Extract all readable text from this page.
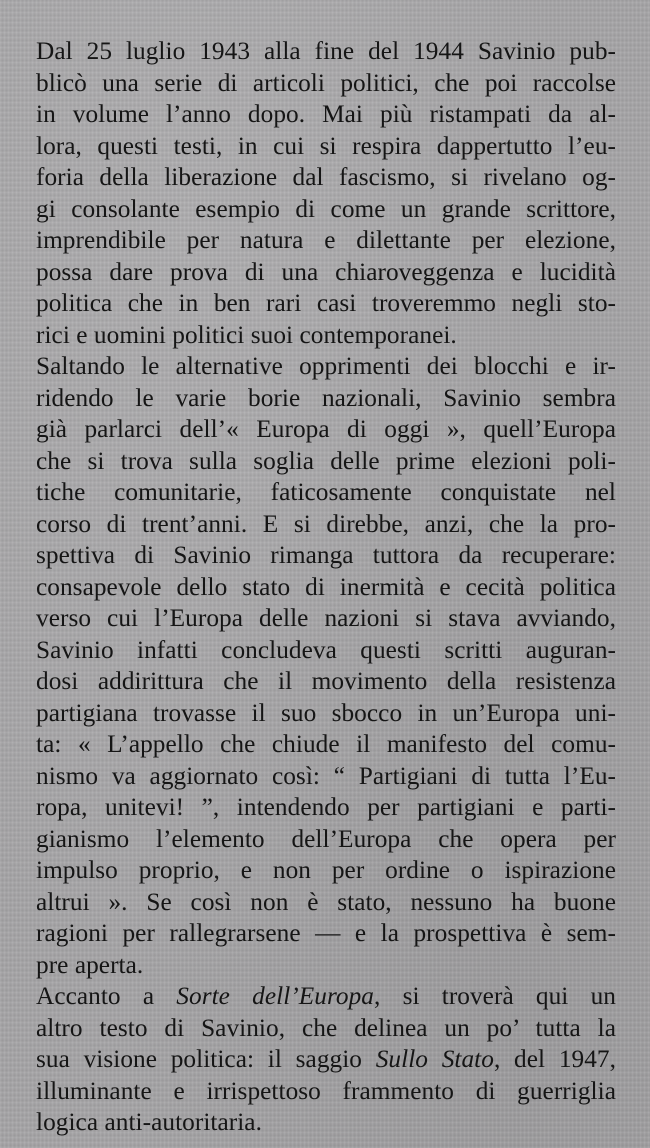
Dal 25 luglio 1943 alla fine del 1944 Savinio pub-
blicò una serie di articoli politici, che poi raccolse
in volume l’anno dopo. Mai più ristampati da al-
lora, questi testi, in cui si respira dappertutto l’eu-
foria della liberazione dal fascismo, si rivelano og-
gi consolante esempio di come un grande scrittore,
imprendibile per natura e dilettante per elezione,
possa dare prova di una chiaroveggenza e lucidità
politica che in ben rari casi troveremmo negli sto-
rici e uomini politici suoi contemporanei.
Saltando le alternative opprimenti dei blocchi e ir-
ridendo le varie borie nazionali, Savinio sembra
già parlarci dell’« Europa di oggi », quell’Europa
che si trova sulla soglia delle prime elezioni poli-
tiche comunitarie, faticosamente conquistate nel
corso di trent’anni. E si direbbe, anzi, che la pro-
spettiva di Savinio rimanga tuttora da recuperare:
consapevole dello stato di inermità e cecità politica
verso cui l’Europa delle nazioni si stava avviando,
Savinio infatti concludeva questi scritti auguran-
dosi addirittura che il movimento della resistenza
partigiana trovasse il suo sbocco in un’Europa uni-
ta: « L’appello che chiude il manifesto del comu-
nismo va aggiornato così: “ Partigiani di tutta l’Eu-
ropa, unitevi! ”, intendendo per partigiani e parti-
gianismo l’elemento dell’Europa che opera per
impulso proprio, e non per ordine o ispirazione
altrui ». Se così non è stato, nessuno ha buone
ragioni per rallegrarsene — e la prospettiva è sem-
pre aperta.
Accanto a Sorte dell’Europa, si troverà qui un
altro testo di Savinio, che delinea un po’ tutta la
sua visione politica: il saggio Sullo Stato, del 1947,
illuminante e irrispettoso frammento di guerriglia
logica anti-autoritaria.
